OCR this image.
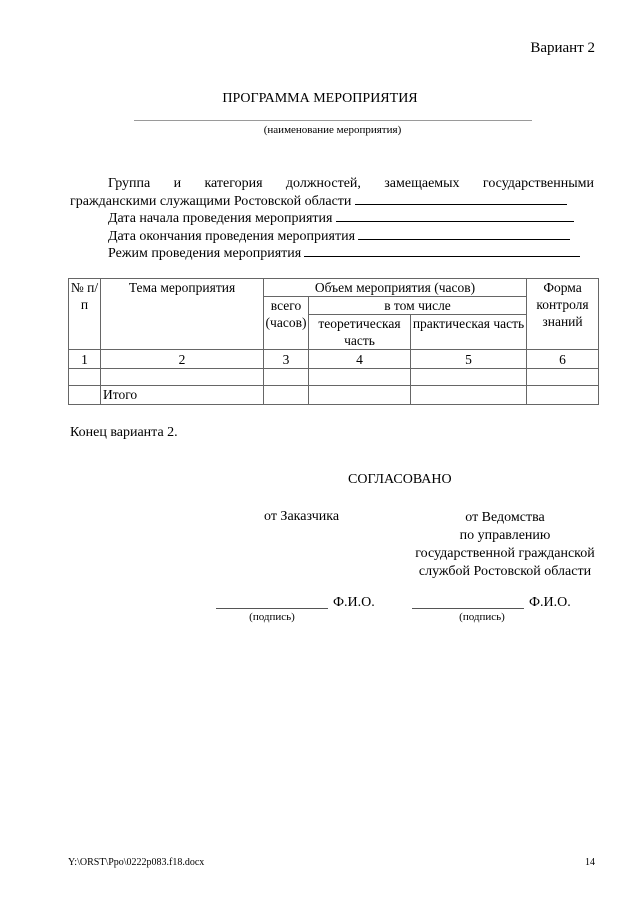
Вариант 2
ПРОГРАММА МЕРОПРИЯТИЯ
(наименование мероприятия)
Группа и категория должностей, замещаемых государственными
гражданскими служащими Ростовской области
Дата начала проведения мероприятия
Дата окончания проведения мероприятия
Режим проведения мероприятия
№ п/п	Тема мероприятия	Объем мероприятия (часов)			Форма контроля знаний
		всего (часов)	в том числе		
			теоретическая часть	практическая часть	
1	2	3	4	5	6

	Итого				
Конец варианта 2.
СОГЛАСОВАНО
от Заказчика	от Ведомства
по управлению
государственной гражданской
службой Ростовской области
Ф.И.О.
(подпись)
Ф.И.О.
(подпись)
Y:\ORST\Ppo\0222p083.f18.docx	14
